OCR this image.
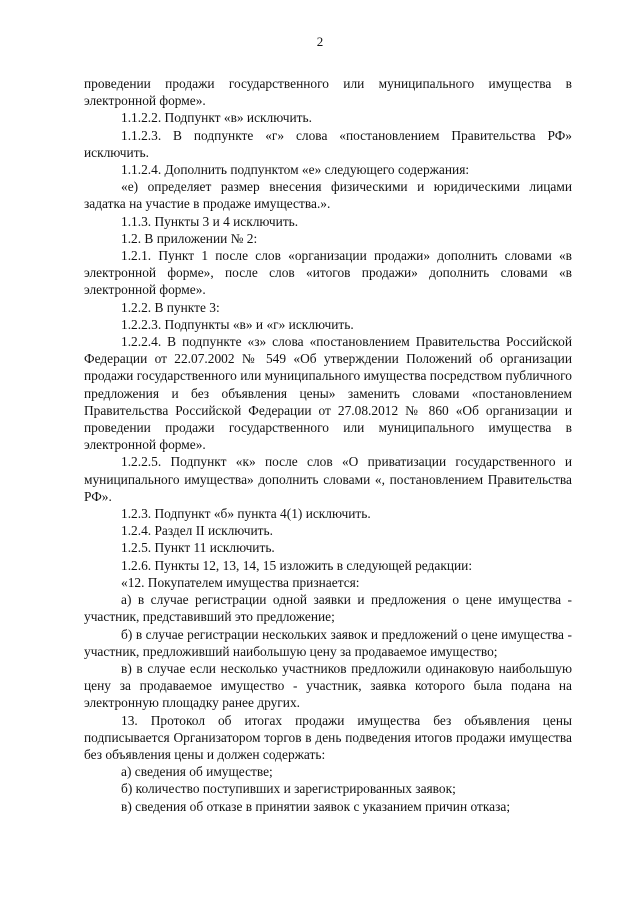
2

проведении продажи государственного или муниципального имущества в электронной форме».

1.1.2.2. Подпункт «в» исключить.

1.1.2.3. В подпункте «г» слова «постановлением Правительства РФ» исключить.

1.1.2.4. Дополнить подпунктом «е» следующего содержания:

«е) определяет размер внесения физическими и юридическими лицами задатка на участие в продаже имущества.».

1.1.3. Пункты 3 и 4 исключить.

1.2. В приложении № 2:

1.2.1. Пункт 1 после слов «организации продажи» дополнить словами «в электронной форме», после слов «итогов продажи» дополнить словами «в электронной форме».

1.2.2. В пункте 3:

1.2.2.3. Подпункты «в» и «г» исключить.

1.2.2.4. В подпункте «з» слова «постановлением Правительства Российской Федерации от 22.07.2002 № 549 «Об утверждении Положений об организации продажи государственного или муниципального имущества посредством публичного предложения и без объявления цены» заменить словами «постановлением Правительства Российской Федерации от 27.08.2012 № 860 «Об организации и проведении продажи государственного или муниципального имущества в электронной форме».

1.2.2.5. Подпункт «к» после слов «О приватизации государственного и муниципального имущества» дополнить словами «, постановлением Правительства РФ».

1.2.3. Подпункт «б» пункта 4(1) исключить.

1.2.4. Раздел II исключить.

1.2.5. Пункт 11 исключить.

1.2.6. Пункты 12, 13, 14, 15 изложить в следующей редакции:

«12. Покупателем имущества признается:

а) в случае регистрации одной заявки и предложения о цене имущества - участник, представивший это предложение;

б) в случае регистрации нескольких заявок и предложений о цене имущества - участник, предложивший наибольшую цену за продаваемое имущество;

в) в случае если несколько участников предложили одинаковую наибольшую цену за продаваемое имущество - участник, заявка которого была подана на электронную площадку ранее других.

13. Протокол об итогах продажи имущества без объявления цены подписывается Организатором торгов в день подведения итогов продажи имущества без объявления цены и должен содержать:

а) сведения об имуществе;

б) количество поступивших и зарегистрированных заявок;

в) сведения об отказе в принятии заявок с указанием причин отказа;
